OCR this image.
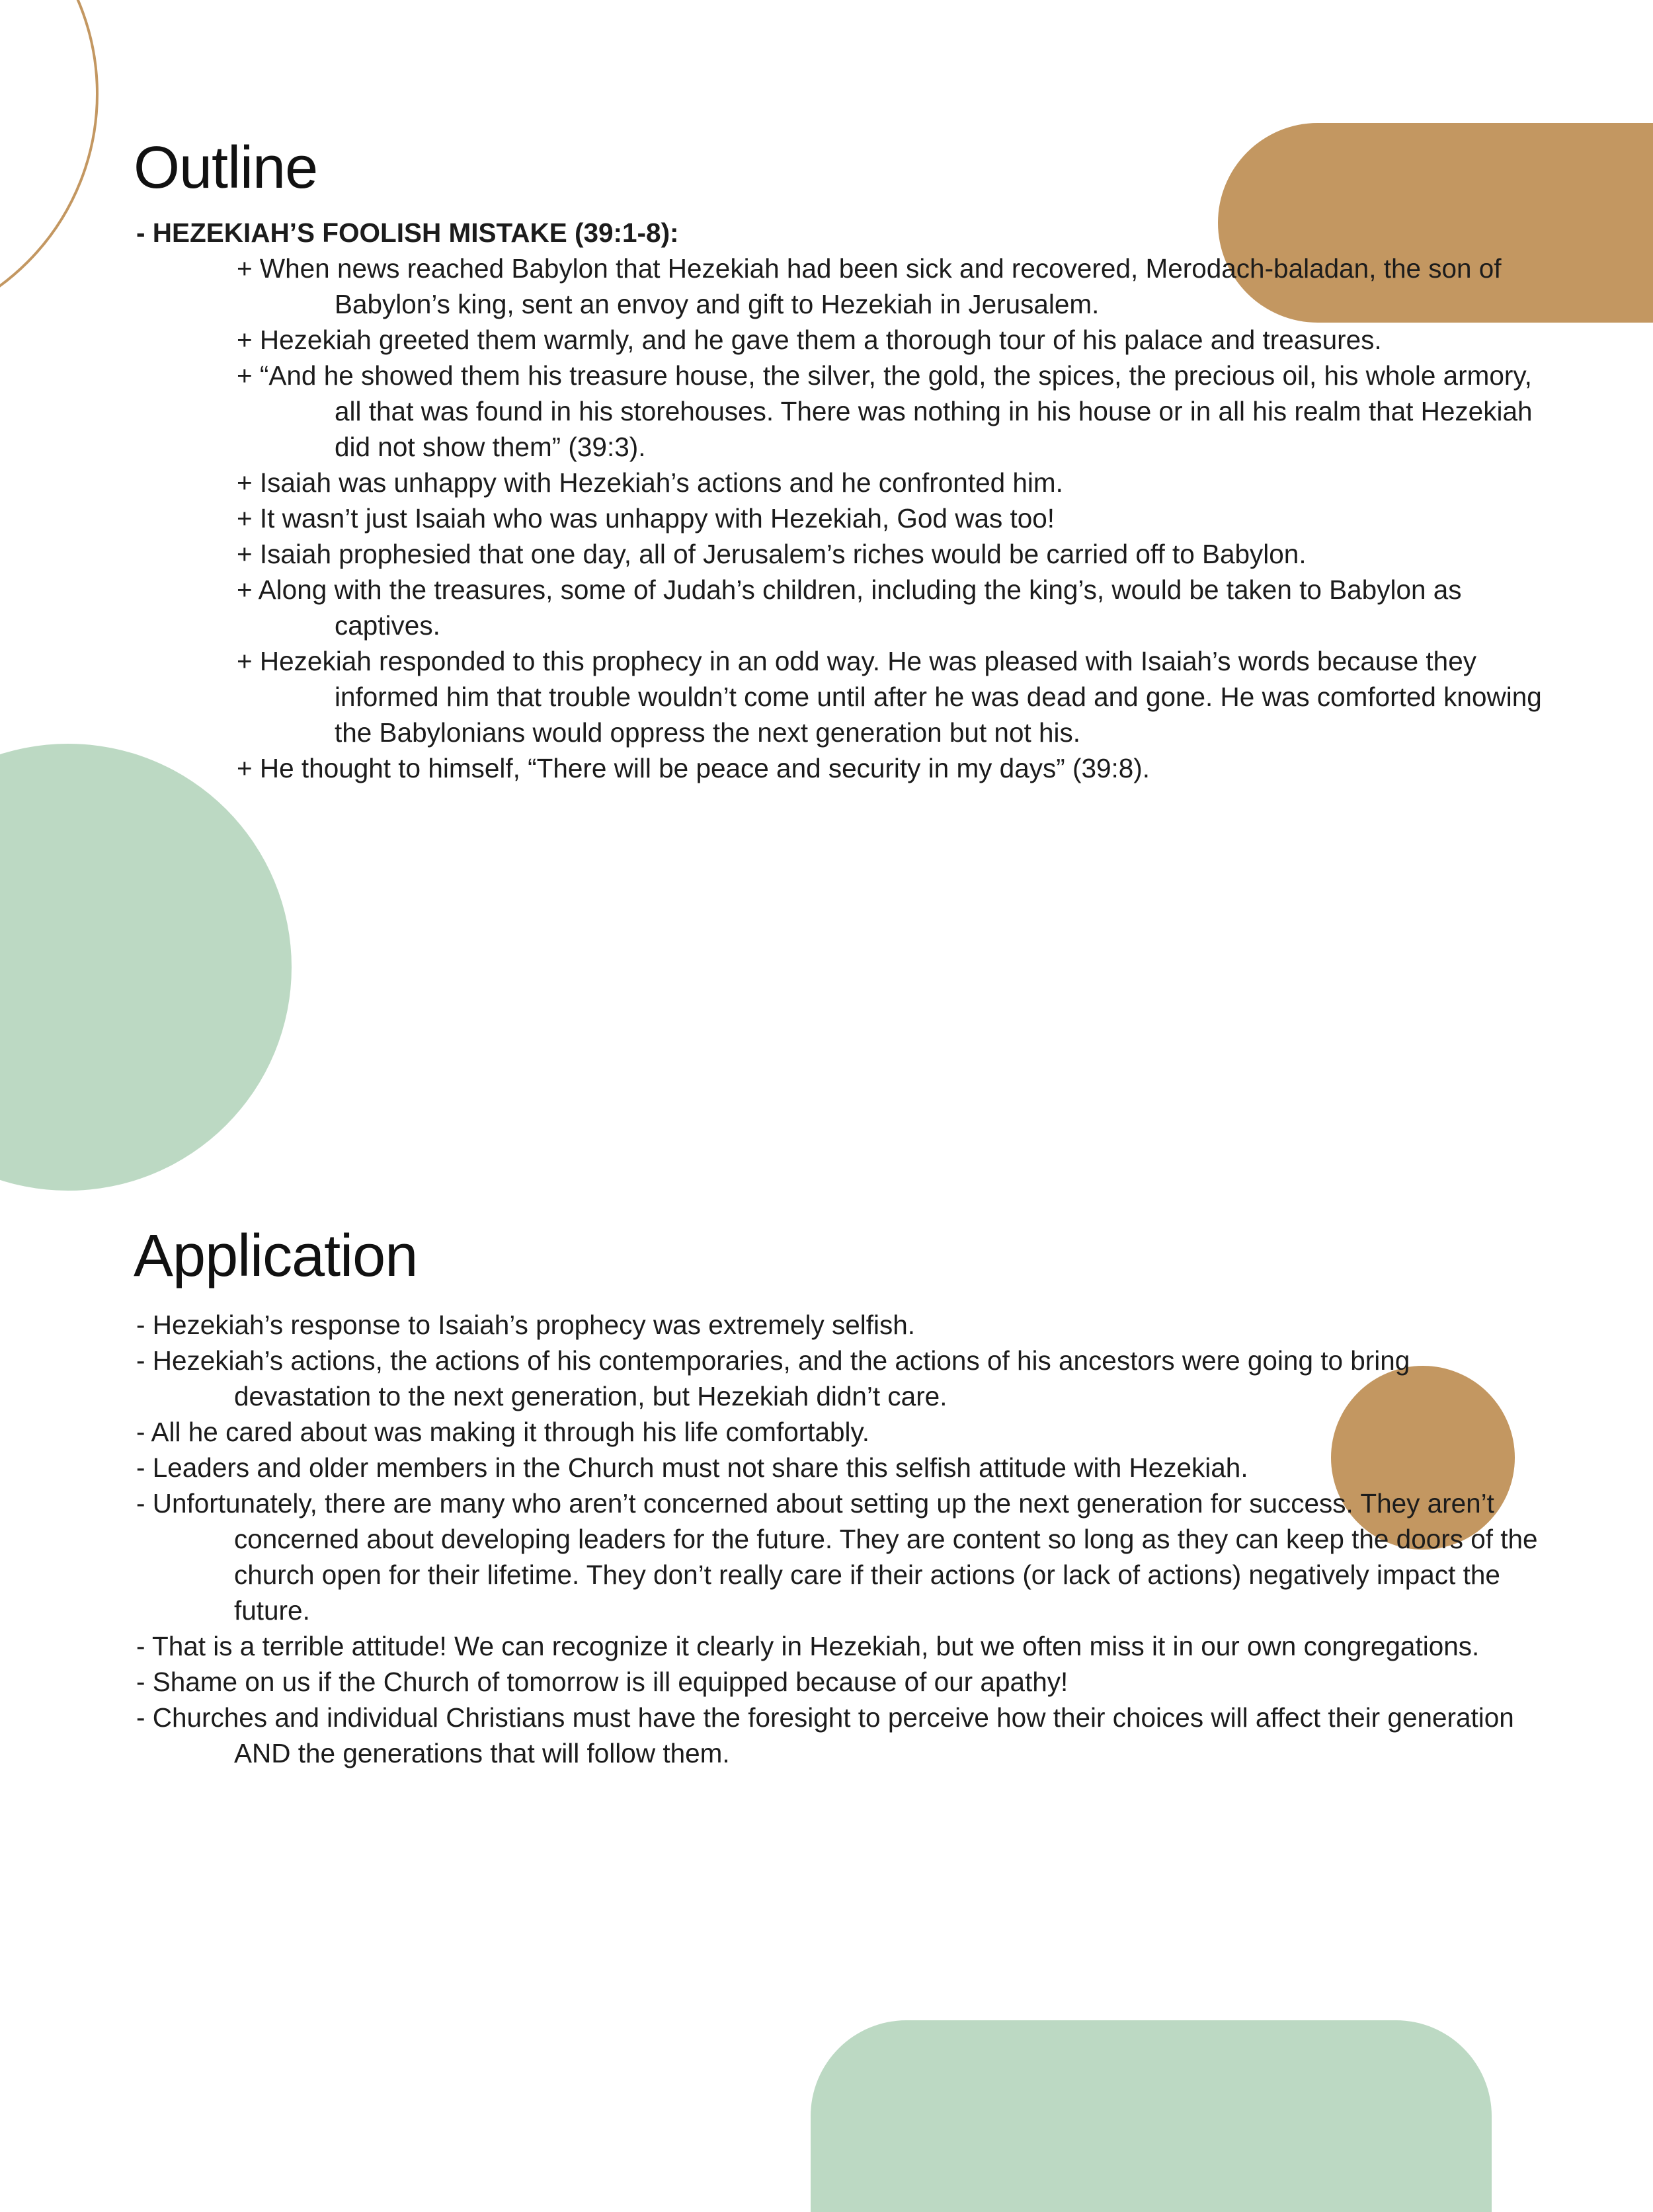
Outline
- HEZEKIAH’S FOOLISH MISTAKE (39:1-8):
+ When news reached Babylon that Hezekiah had been sick and recovered, Merodach-baladan, the son of Babylon’s king, sent an envoy and gift to Hezekiah in Jerusalem.
+ Hezekiah greeted them warmly, and he gave them a thorough tour of his palace and treasures.
+ “And he showed them his treasure house, the silver, the gold, the spices, the precious oil, his whole armory, all that was found in his storehouses. There was nothing in his house or in all his realm that Hezekiah did not show them” (39:3).
+ Isaiah was unhappy with Hezekiah’s actions and he confronted him.
+ It wasn’t just Isaiah who was unhappy with Hezekiah, God was too!
+ Isaiah prophesied that one day, all of Jerusalem’s riches would be carried off to Babylon.
+ Along with the treasures, some of Judah’s children, including the king’s, would be taken to Babylon as captives.
+ Hezekiah responded to this prophecy in an odd way. He was pleased with Isaiah’s words because they informed him that trouble wouldn’t come until after he was dead and gone. He was comforted knowing the Babylonians would oppress the next generation but not his.
+ He thought to himself, “There will be peace and security in my days” (39:8).
Application
- Hezekiah’s response to Isaiah’s prophecy was extremely selfish.
- Hezekiah’s actions, the actions of his contemporaries, and the actions of his ancestors were going to bring devastation to the next generation, but Hezekiah didn’t care.
- All he cared about was making it through his life comfortably.
- Leaders and older members in the Church must not share this selfish attitude with Hezekiah.
- Unfortunately, there are many who aren’t concerned about setting up the next generation for success. They aren’t concerned about developing leaders for the future. They are content so long as they can keep the doors of the church open for their lifetime. They don’t really care if their actions (or lack of actions) negatively impact the future.
- That is a terrible attitude! We can recognize it clearly in Hezekiah, but we often miss it in our own congregations.
- Shame on us if the Church of tomorrow is ill equipped because of our apathy!
- Churches and individual Christians must have the foresight to perceive how their choices will affect their generation AND the generations that will follow them.
